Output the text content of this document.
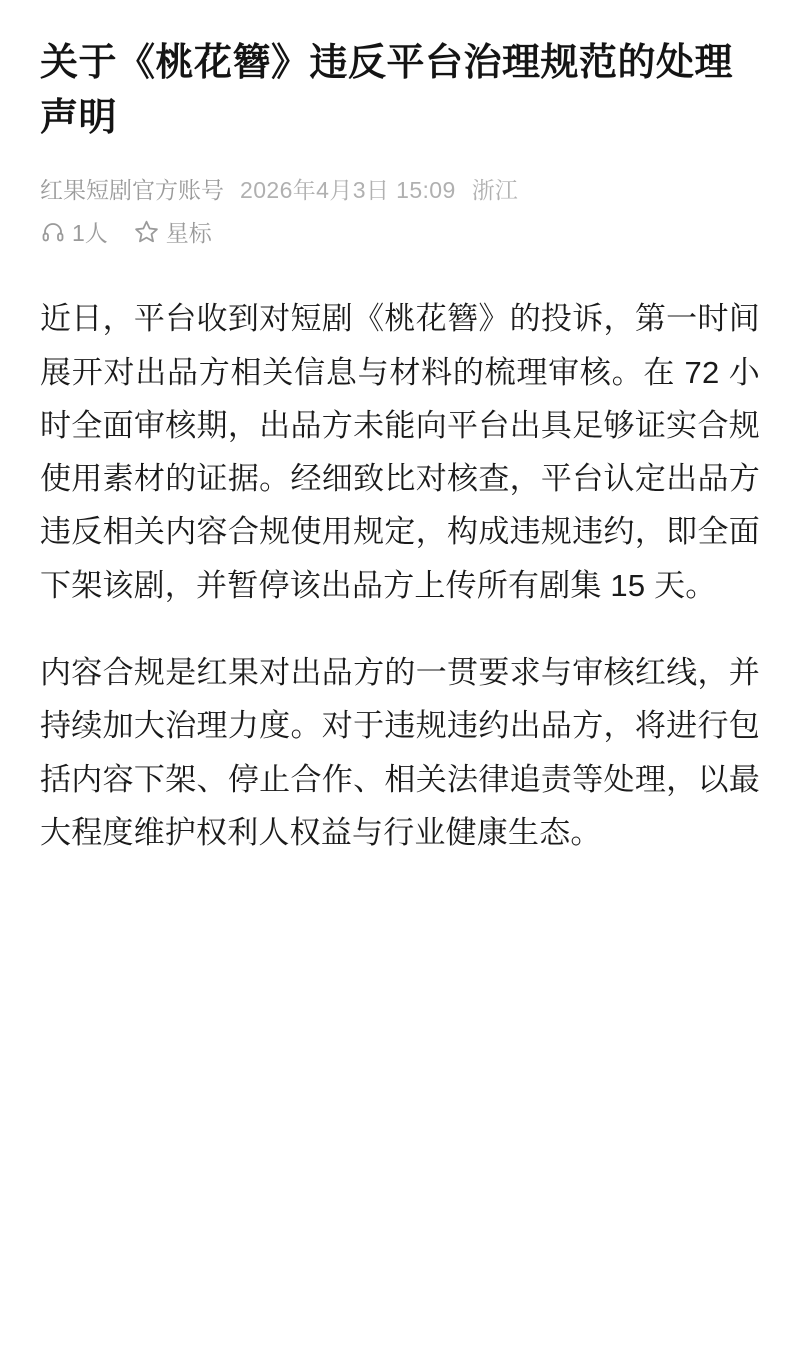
关于《桃花簪》违反平台治理规范的处理声明
红果短剧官方账号 2026年4月3日 15:09 浙江
1人	星标

近日，平台收到对短剧《桃花簪》的投诉，第一时间展开对出品方相关信息与材料的梳理审核。在 72 小时全面审核期，出品方未能向平台出具足够证实合规使用素材的证据。经细致比对核查，平台认定出品方违反相关内容合规使用规定，构成违规违约，即全面下架该剧，并暂停该出品方上传所有剧集 15 天。

内容合规是红果对出品方的一贯要求与审核红线，并持续加大治理力度。对于违规违约出品方，将进行包括内容下架、停止合作、相关法律追责等处理，以最大程度维护权利人权益与行业健康生态。
